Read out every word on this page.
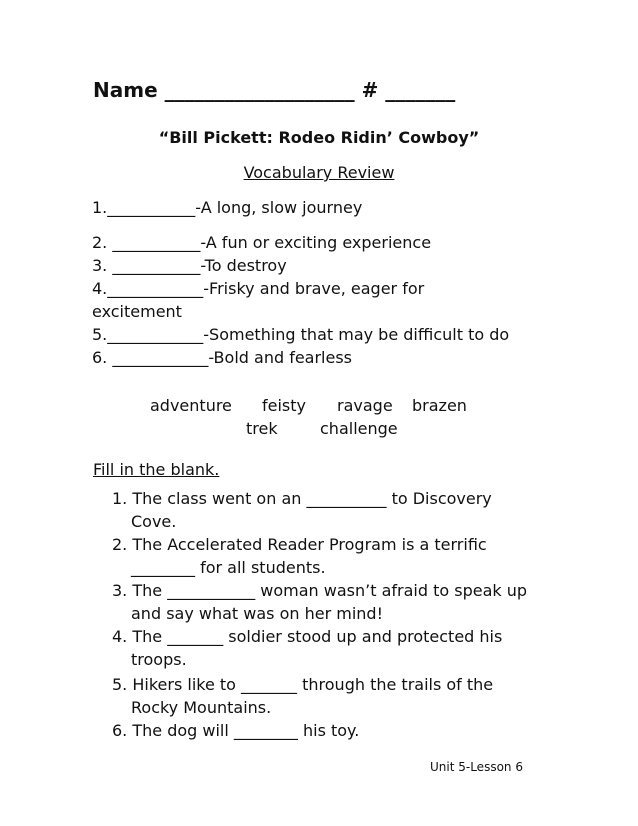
Name ___________________ # _______
“Bill Pickett: Rodeo Ridin’ Cowboy”
Vocabulary Review
1.___________-A long, slow journey
2. ___________-A fun or exciting experience
3. ___________-To destroy
4.____________-Frisky and brave, eager for
excitement
5.____________-Something that may be difficult to do
6. ____________-Bold and fearless
adventure feisty ravage brazen
trek	challenge
Fill in the blank.
1. The class went on an __________ to Discovery
Cove.
2. The Accelerated Reader Program is a terrific
________ for all students.
3. The ___________ woman wasn’t afraid to speak up
and say what was on her mind!
4. The _______ soldier stood up and protected his
troops.
5. Hikers like to _______ through the trails of the
Rocky Mountains.
6. The dog will ________ his toy.
Unit 5-Lesson 6
